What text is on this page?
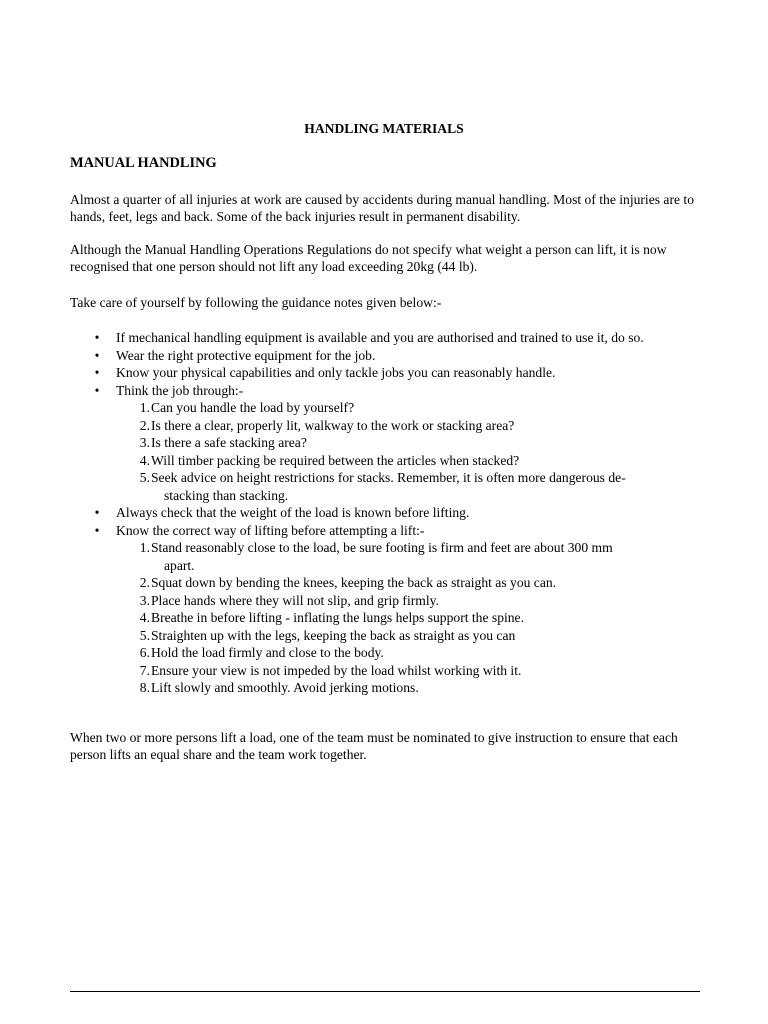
HANDLING MATERIALS
MANUAL HANDLING
Almost a quarter of all injuries at work are caused by accidents during manual handling. Most of the injuries are to hands, feet, legs and back. Some of the back injuries result in permanent disability.
Although the Manual Handling Operations Regulations do not specify what weight a person can lift, it is now recognised that one person should not lift any load exceeding 20kg (44 lb).
Take care of yourself by following the guidance notes given below:-
• If mechanical handling equipment is available and you are authorised and trained to use it, do so.
• Wear the right protective equipment for the job.
• Know your physical capabilities and only tackle jobs you can reasonably handle.
• Think the job through:-
1. Can you handle the load by yourself?
2. Is there a clear, properly lit, walkway to the work or stacking area?
3. Is there a safe stacking area?
4. Will timber packing be required between the articles when stacked?
5. Seek advice on height restrictions for stacks. Remember, it is often more dangerous de-
stacking than stacking.
• Always check that the weight of the load is known before lifting.
• Know the correct way of lifting before attempting a lift:-
1. Stand reasonably close to the load, be sure footing is firm and feet are about 300 mm
apart.
2. Squat down by bending the knees, keeping the back as straight as you can.
3. Place hands where they will not slip, and grip firmly.
4. Breathe in before lifting - inflating the lungs helps support the spine.
5. Straighten up with the legs, keeping the back as straight as you can
6. Hold the load firmly and close to the body.
7. Ensure your view is not impeded by the load whilst working with it.
8. Lift slowly and smoothly. Avoid jerking motions.
When two or more persons lift a load, one of the team must be nominated to give instruction to ensure that each person lifts an equal share and the team work together.
